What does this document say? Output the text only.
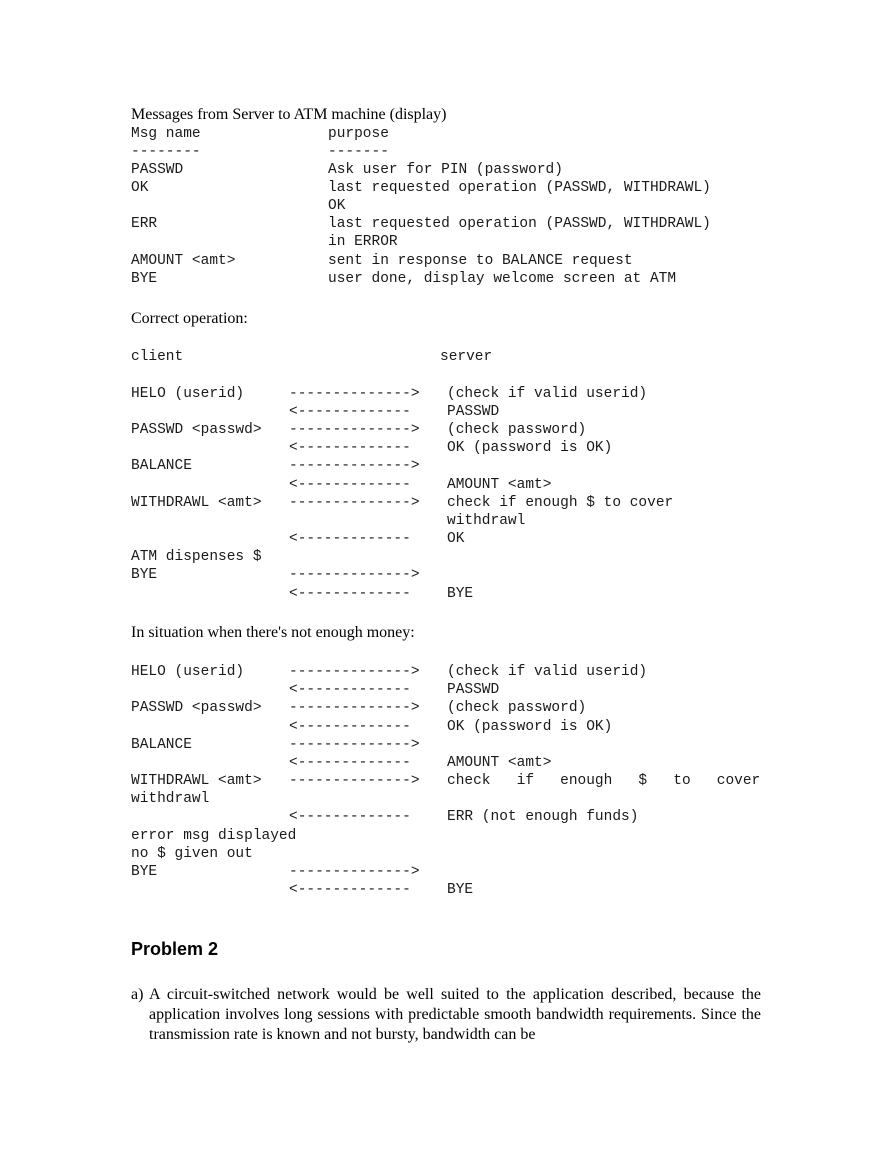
Messages from Server to ATM machine (display)
Msg name	purpose
--------	-------
PASSWD	Ask user for PIN (password)
OK	last requested operation (PASSWD, WITHDRAWL)
OK
ERR	last requested operation (PASSWD, WITHDRAWL)
in ERROR
AMOUNT <amt>	sent in response to BALANCE request
BYE	user done, display welcome screen at ATM
Correct operation:
client	server
HELO (userid)	--------------> (check if valid userid)
<------------- PASSWD
PASSWD <passwd> --------------> (check password)
<------------- OK (password is OK)
BALANCE	-------------->
<------------- AMOUNT <amt>
WITHDRAWL <amt> --------------> check if enough $ to cover
withdrawl
<------------- OK
ATM dispenses $
BYE	-------------->
<------------- BYE
In situation when there's not enough money:
HELO (userid)	--------------> (check if valid userid)
<------------- PASSWD
PASSWD <passwd> --------------> (check password)
<------------- OK (password is OK)
BALANCE	-------------->
<------------- AMOUNT <amt>
WITHDRAWL <amt> --------------> check   if   enough   $   to   cover
withdrawl
<------------- ERR (not enough funds)
error msg displayed
no $ given out
BYE	-------------->
<------------- BYE
Problem 2
a) A circuit-switched network would be well suited to the application described, because the application involves long sessions with predictable smooth bandwidth requirements. Since the transmission rate is known and not bursty, bandwidth can be
